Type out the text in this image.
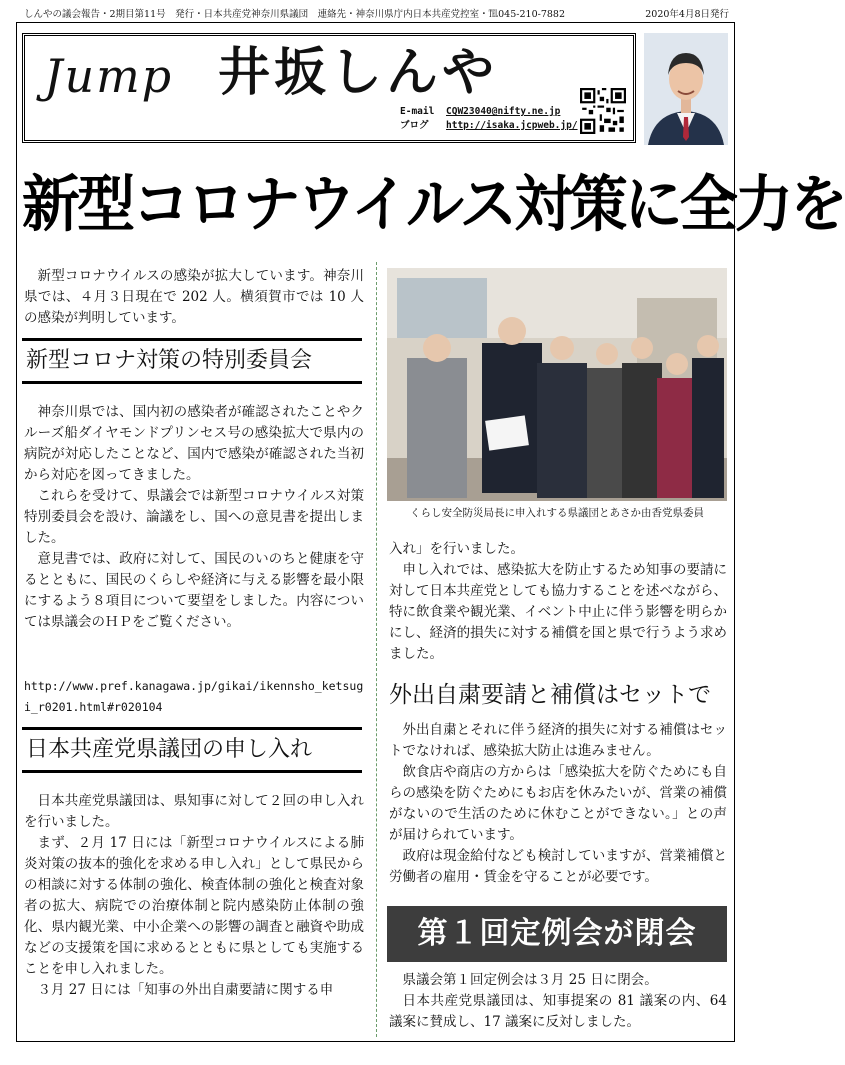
しんやの議会報告・2期目第11号　発行・日本共産党神奈川県議団　連絡先・神奈川県庁内日本共産党控室・℡045-210-7882	2020年4月8日発行
Jump 井坂しんや
E-mail CQW23040@nifty.ne.jp
ブログ http://isaka.jcpweb.jp/
新型コロナウイルス対策に全力を

新型コロナウイルスの感染が拡大しています。神奈川県では、４月３日現在で 202 人。横須賀市では 10 人の感染が判明しています。

新型コロナ対策の特別委員会

神奈川県では、国内初の感染者が確認されたことやクルーズ船ダイヤモンドプリンセス号の感染拡大で県内の病院が対応したことなど、国内で感染が確認された当初から対応を図ってきました。

これらを受けて、県議会では新型コロナウイルス対策特別委員会を設け、論議をし、国への意見書を提出しました。

意見書では、政府に対して、国民のいのちと健康を守るとともに、国民のくらしや経済に与える影響を最小限にするよう８項目について要望をしました。内容については県議会のＨＰをご覧ください。

http://www.pref.kanagawa.jp/gikai/ikennsho_ketsugi_r0201.html#r020104
日本共産党県議団の申し入れ

日本共産党県議団は、県知事に対して２回の申し入れを行いました。

まず、２月 17 日には「新型コロナウイルスによる肺炎対策の抜本的強化を求める申し入れ」として県民からの相談に対する体制の強化、検査体制の強化と検査対象者の拡大、病院での治療体制と院内感染防止体制の強化、県内観光業、中小企業への影響の調査と融資や助成などの支援策を国に求めるとともに県としても実施することを申し入れました。

３月 27 日には「知事の外出自粛要請に関する申

くらし安全防災局長に申入れする県議団とあさか由香党県委員

入れ」を行いました。

申し入れでは、感染拡大を防止するため知事の要請に対して日本共産党としても協力することを述べながら、特に飲食業や観光業、イベント中止に伴う影響を明らかにし、経済的損失に対する補償を国と県で行うよう求めました。

外出自粛要請と補償はセットで

外出自粛とそれに伴う経済的損失に対する補償はセットでなければ、感染拡大防止は進みません。

飲食店や商店の方からは「感染拡大を防ぐためにも自らの感染を防ぐためにもお店を休みたいが、営業の補償がないので生活のために休むことができない。」との声が届けられています。

政府は現金給付なども検討していますが、営業補償と労働者の雇用・賃金を守ることが必要です。

第１回定例会が閉会

県議会第１回定例会は３月 25 日に閉会。

日本共産党県議団は、知事提案の 81 議案の内、64 議案に賛成し、17 議案に反対しました。
